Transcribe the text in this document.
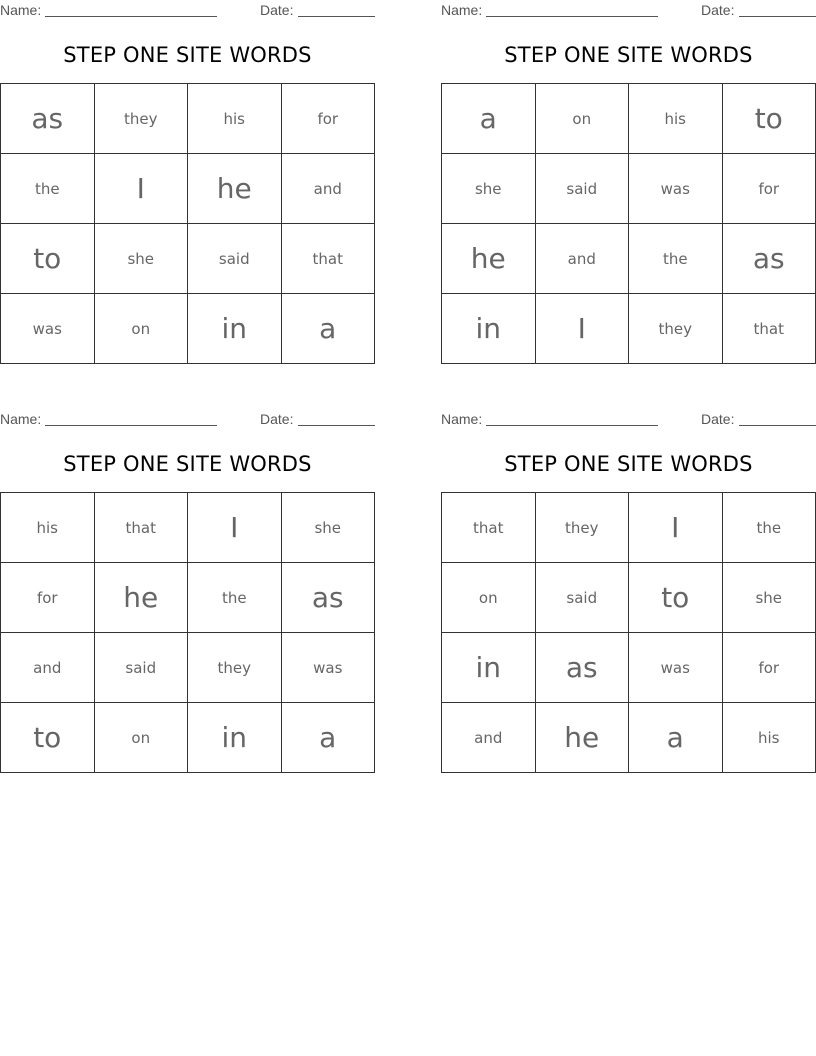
Name:	Date:
STEP ONE SITE WORDS
as	they	his	for
the	I	he	and
to	she	said	that
was	on	in	a
Name:	Date:
STEP ONE SITE WORDS
a	on	his	to
she	said	was	for
he	and	the	as
in	I	they	that
Name:	Date:
STEP ONE SITE WORDS
his	that	I	she
for	he	the	as
and	said	they	was
to	on	in	a
Name:	Date:
STEP ONE SITE WORDS
that	they	I	the
on	said	to	she
in	as	was	for
and	he	a	his
